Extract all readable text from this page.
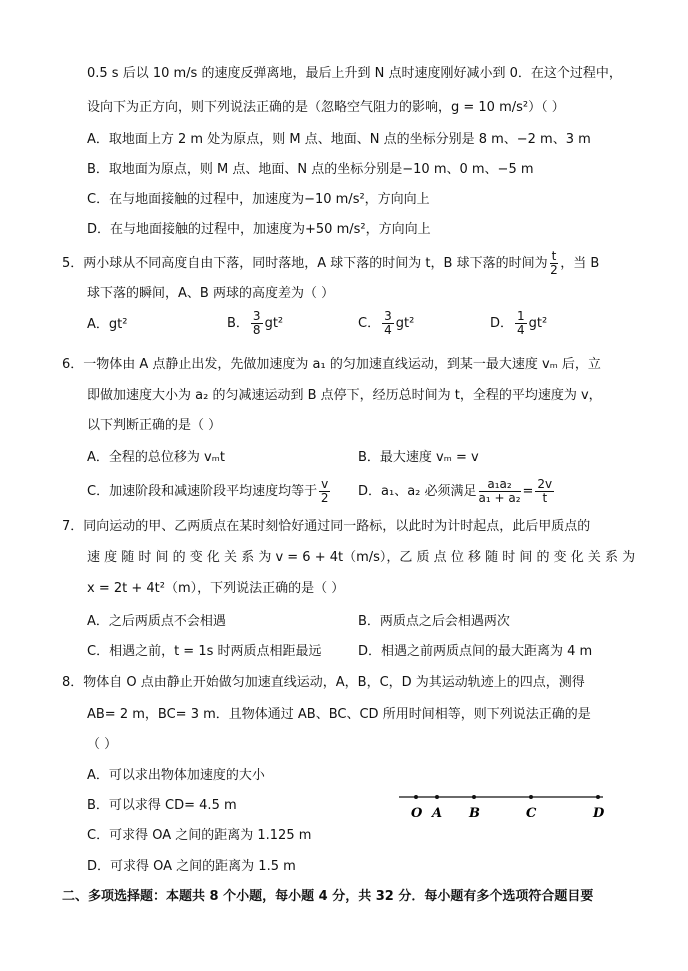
0.5 s 后以 10 m/s 的速度反弹离地，最后上升到 N 点时速度刚好减小到 0．在这个过程中，
设向下为正方向，则下列说法正确的是（忽略空气阻力的影响，g = 10 m/s²）（ ）
A．取地面上方 2 m 处为原点，则 M 点、地面、N 点的坐标分别是 8 m、−2 m、3 m
B．取地面为原点，则 M 点、地面、N 点的坐标分别是−10 m、0 m、−5 m
C．在与地面接触的过程中，加速度为−10 m/s²，方向向上
D．在与地面接触的过程中，加速度为+50 m/s²，方向向上
5．两小球从不同高度自由下落，同时落地，A 球下落的时间为 t，B 球下落的时间为 $\frac{t}{2}$ ，当 B
球下落的瞬间，A、B 两球的高度差为（ ）
A．gt²	B． $\frac{3}{8} gt^2$	C． $\frac{3}{4} gt^2$	D． $\frac{1}{4} gt^2$
6．一物体由 A 点静止出发，先做加速度为 a₁ 的匀加速直线运动，到某一最大速度 vₘ 后，立
即做加速度大小为 a₂ 的匀减速运动到 B 点停下，经历总时间为 t，全程的平均速度为 v，
以下判断正确的是（ ）
A．全程的总位移为 vₘt	B．最大速度 vₘ = v
C．加速阶段和减速阶段平均速度均等于 $\frac{v}{2}$ D．a₁、a₂ 必须满足 $\frac{\text{a₁a₂}}{\text{a₁ + a₂}} = \frac{2v}{t}$
7．同向运动的甲、乙两质点在某时刻恰好通过同一路标，以此时为计时起点，此后甲质点的
速 度 随 时 间 的 变 化 关 系 为 v = 6 + 4t（m/s），乙 质 点 位 移 随 时 间 的 变 化 关 系 为
x = 2t + 4t²（m），下列说法正确的是（ ）
A．之后两质点不会相遇	B．两质点之后会相遇两次
C．相遇之前，t = 1s 时两质点相距最远	D．相遇之前两质点间的最大距离为 4 m
8．物体自 O 点由静止开始做匀加速直线运动，A，B，C，D 为其运动轨迹上的四点，测得
AB= 2 m，BC= 3 m．且物体通过 AB、BC、CD 所用时间相等，则下列说法正确的是
（ ）
A．可以求出物体加速度的大小
B．可以求得 CD= 4.5 m
C．可求得 OA 之间的距离为 1.125 m
D．可求得 OA 之间的距离为 1.5 m
O A B	C	D
二、多项选择题：本题共 8 个小题，每小题 4 分，共 32 分．每小题有多个选项符合题目要
